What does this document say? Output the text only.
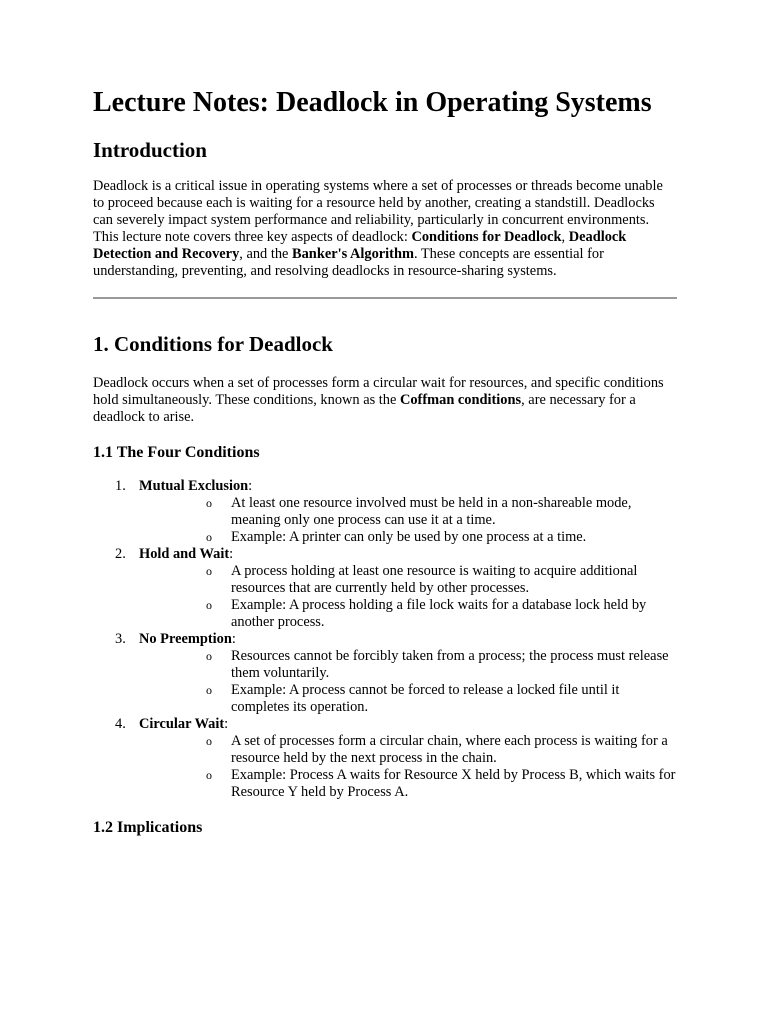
Lecture Notes: Deadlock in Operating Systems
Introduction

Deadlock is a critical issue in operating systems where a set of processes or threads become unable to proceed because each is waiting for a resource held by another, creating a standstill. Deadlocks can severely impact system performance and reliability, particularly in concurrent environments. This lecture note covers three key aspects of deadlock: Conditions for Deadlock, Deadlock Detection and Recovery, and the Banker's Algorithm. These concepts are essential for understanding, preventing, and resolving deadlocks in resource-sharing systems.

1. Conditions for Deadlock

Deadlock occurs when a set of processes form a circular wait for resources, and specific conditions hold simultaneously. These conditions, known as the Coffman conditions, are necessary for a deadlock to arise.

1.1 The Four Conditions
1. Mutual Exclusion:
o At least one resource involved must be held in a non-shareable mode, meaning only one process can use it at a time.
o Example: A printer can only be used by one process at a time.
2. Hold and Wait:
o A process holding at least one resource is waiting to acquire additional resources that are currently held by other processes.
o Example: A process holding a file lock waits for a database lock held by another process.
3. No Preemption:
o Resources cannot be forcibly taken from a process; the process must release them voluntarily.
o Example: A process cannot be forced to release a locked file until it completes its operation.
4. Circular Wait:
o A set of processes form a circular chain, where each process is waiting for a resource held by the next process in the chain.
o Example: Process A waits for Resource X held by Process B, which waits for Resource Y held by Process A.
1.2 Implications
